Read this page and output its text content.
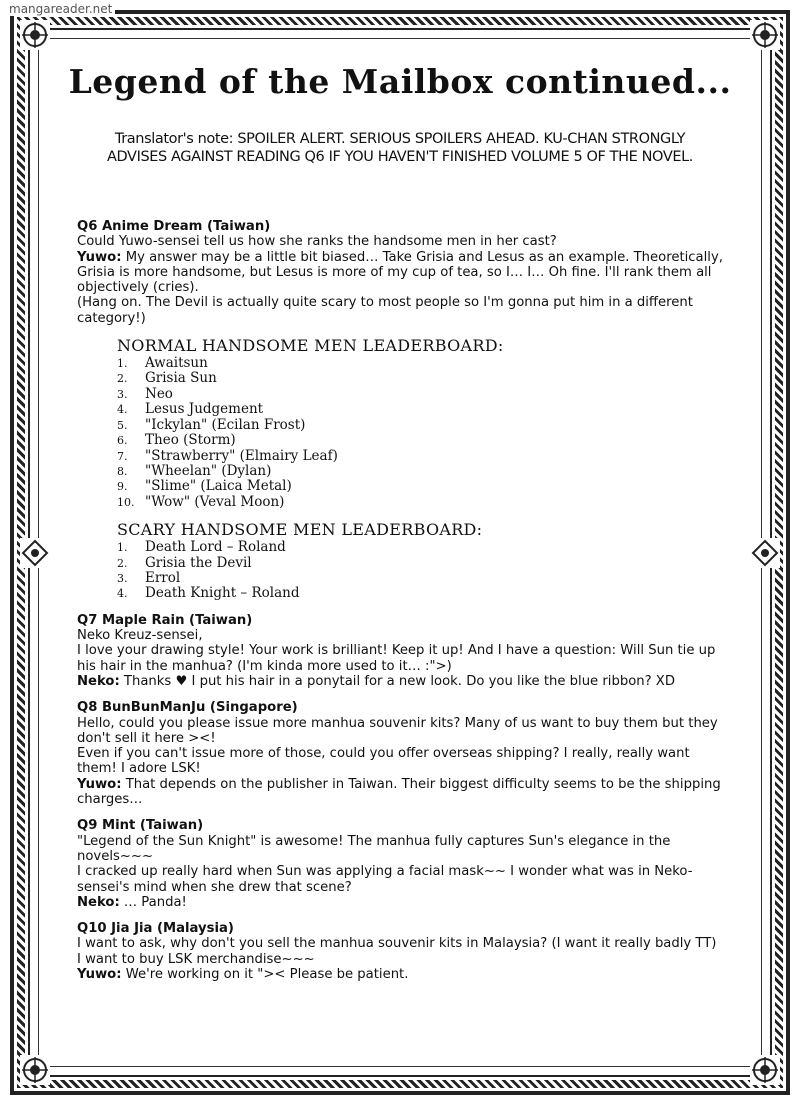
mangareader.net
Legend of the Mailbox continued...

Translator's note: SPOILER ALERT. SERIOUS SPOILERS AHEAD. KU-CHAN STRONGLY ADVISES AGAINST READING Q6 IF YOU HAVEN'T FINISHED VOLUME 5 OF THE NOVEL.

Q6 Anime Dream (Taiwan)

Could Yuwo-sensei tell us how she ranks the handsome men in her cast?

Yuwo: My answer may be a little bit biased… Take Grisia and Lesus as an example. Theoretically, Grisia is more handsome, but Lesus is more of my cup of tea, so I… I… Oh fine. I'll rank them all objectively (cries).

(Hang on. The Devil is actually quite scary to most people so I'm gonna put him in a different category!)

NORMAL HANDSOME MEN LEADERBOARD:

1.	Awaitsun
2.	Grisia Sun
3.	Neo
4.	Lesus Judgement
5.	"Ickylan" (Ecilan Frost)
6.	Theo (Storm)
7.	"Strawberry" (Elmairy Leaf)
8.	"Wheelan" (Dylan)
9.	"Slime" (Laica Metal)
10. "Wow" (Veval Moon)

SCARY HANDSOME MEN LEADERBOARD:

1.	Death Lord – Roland
2.	Grisia the Devil
3.	Errol
4.	Death Knight – Roland

Q7 Maple Rain (Taiwan)

Neko Kreuz-sensei,

I love your drawing style! Your work is brilliant! Keep it up! And I have a question: Will Sun tie up his hair in the manhua? (I'm kinda more used to it… :">)

Neko: Thanks ♥ I put his hair in a ponytail for a new look. Do you like the blue ribbon? XD

Q8 BunBunManJu (Singapore)

Hello, could you please issue more manhua souvenir kits? Many of us want to buy them but they don't sell it here ><!

Even if you can't issue more of those, could you offer overseas shipping? I really, really want them! I adore LSK!

Yuwo: That depends on the publisher in Taiwan. Their biggest difficulty seems to be the shipping charges…

Q9 Mint (Taiwan)

"Legend of the Sun Knight" is awesome! The manhua fully captures Sun's elegance in the novels~~~

I cracked up really hard when Sun was applying a facial mask~~ I wonder what was in Neko-sensei's mind when she drew that scene?

Neko: … Panda!

Q10 Jia Jia (Malaysia)

I want to ask, why don't you sell the manhua souvenir kits in Malaysia? (I want it really badly TT)

I want to buy LSK merchandise~~~

Yuwo: We're working on it ">< Please be patient.
